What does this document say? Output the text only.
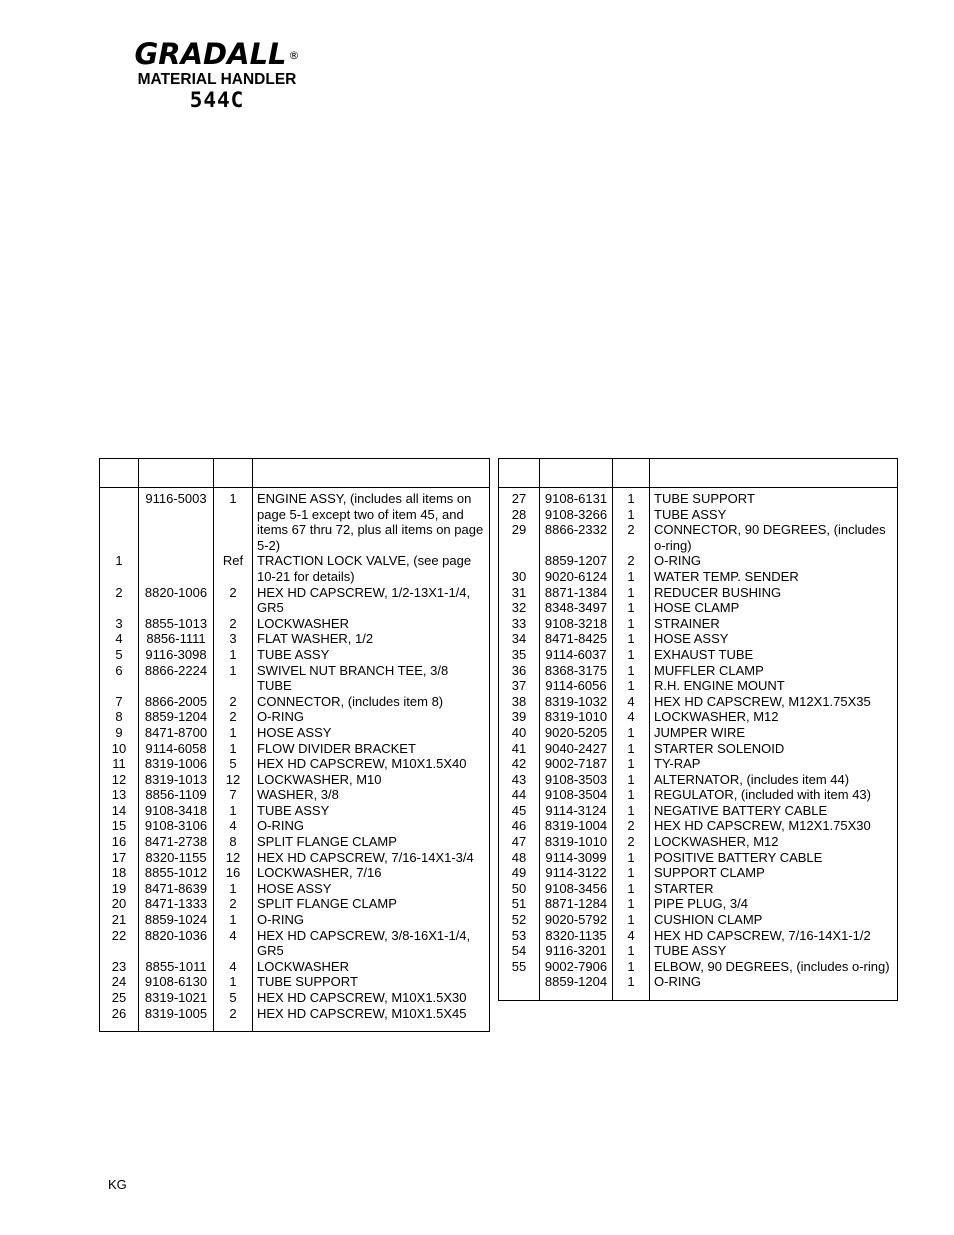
GRADALL ®
MATERIAL HANDLER
544C

	9116-5003	1	ENGINE ASSY, (includes all items on page 5-1 except two of item 45, and items 67 thru 72, plus all items on page 5-2)
1		Ref	TRACTION LOCK VALVE, (see page 10-21 for details)
2	8820-1006	2	HEX HD CAPSCREW, 1/2-13X1-1/4, GR5
3	8855-1013	2	LOCKWASHER
4	8856-1111	3	FLAT WASHER, 1/2
5	9116-3098	1	TUBE ASSY
6	8866-2224	1	SWIVEL NUT BRANCH TEE, 3/8 TUBE
7	8866-2005	2	CONNECTOR, (includes item 8)
8	8859-1204	2	O-RING
9	8471-8700	1	HOSE ASSY
10	9114-6058	1	FLOW DIVIDER BRACKET
11	8319-1006	5	HEX HD CAPSCREW, M10X1.5X40
12	8319-1013	12	LOCKWASHER, M10
13	8856-1109	7	WASHER, 3/8
14	9108-3418	1	TUBE ASSY
15	9108-3106	4	O-RING
16	8471-2738	8	SPLIT FLANGE CLAMP
17	8320-1155	12	HEX HD CAPSCREW, 7/16-14X1-3/4
18	8855-1012	16	LOCKWASHER, 7/16
19	8471-8639	1	HOSE ASSY
20	8471-1333	2	SPLIT FLANGE CLAMP
21	8859-1024	1	O-RING
22	8820-1036	4	HEX HD CAPSCREW, 3/8-16X1-1/4, GR5
23	8855-1011	4	LOCKWASHER
24	9108-6130	1	TUBE SUPPORT
25	8319-1021	5	HEX HD CAPSCREW, M10X1.5X30
26	8319-1005	2	HEX HD CAPSCREW, M10X1.5X45

27	9108-6131	1	TUBE SUPPORT
28	9108-3266	1	TUBE ASSY
29	8866-2332	2	CONNECTOR, 90 DEGREES, (includes o-ring)
	8859-1207	2	O-RING
30	9020-6124	1	WATER TEMP. SENDER
31	8871-1384	1	REDUCER BUSHING
32	8348-3497	1	HOSE CLAMP
33	9108-3218	1	STRAINER
34	8471-8425	1	HOSE ASSY
35	9114-6037	1	EXHAUST TUBE
36	8368-3175	1	MUFFLER CLAMP
37	9114-6056	1	R.H. ENGINE MOUNT
38	8319-1032	4	HEX HD CAPSCREW, M12X1.75X35
39	8319-1010	4	LOCKWASHER, M12
40	9020-5205	1	JUMPER WIRE
41	9040-2427	1	STARTER SOLENOID
42	9002-7187	1	TY-RAP
43	9108-3503	1	ALTERNATOR, (includes item 44)
44	9108-3504	1	REGULATOR, (included with item 43)
45	9114-3124	1	NEGATIVE BATTERY CABLE
46	8319-1004	2	HEX HD CAPSCREW, M12X1.75X30
47	8319-1010	2	LOCKWASHER, M12
48	9114-3099	1	POSITIVE BATTERY CABLE
49	9114-3122	1	SUPPORT CLAMP
50	9108-3456	1	STARTER
51	8871-1284	1	PIPE PLUG, 3/4
52	9020-5792	1	CUSHION CLAMP
53	8320-1135	4	HEX HD CAPSCREW, 7/16-14X1-1/2
54	9116-3201	1	TUBE ASSY
55	9002-7906	1	ELBOW, 90 DEGREES, (includes o-ring)
	8859-1204	1	O-RING
KG
